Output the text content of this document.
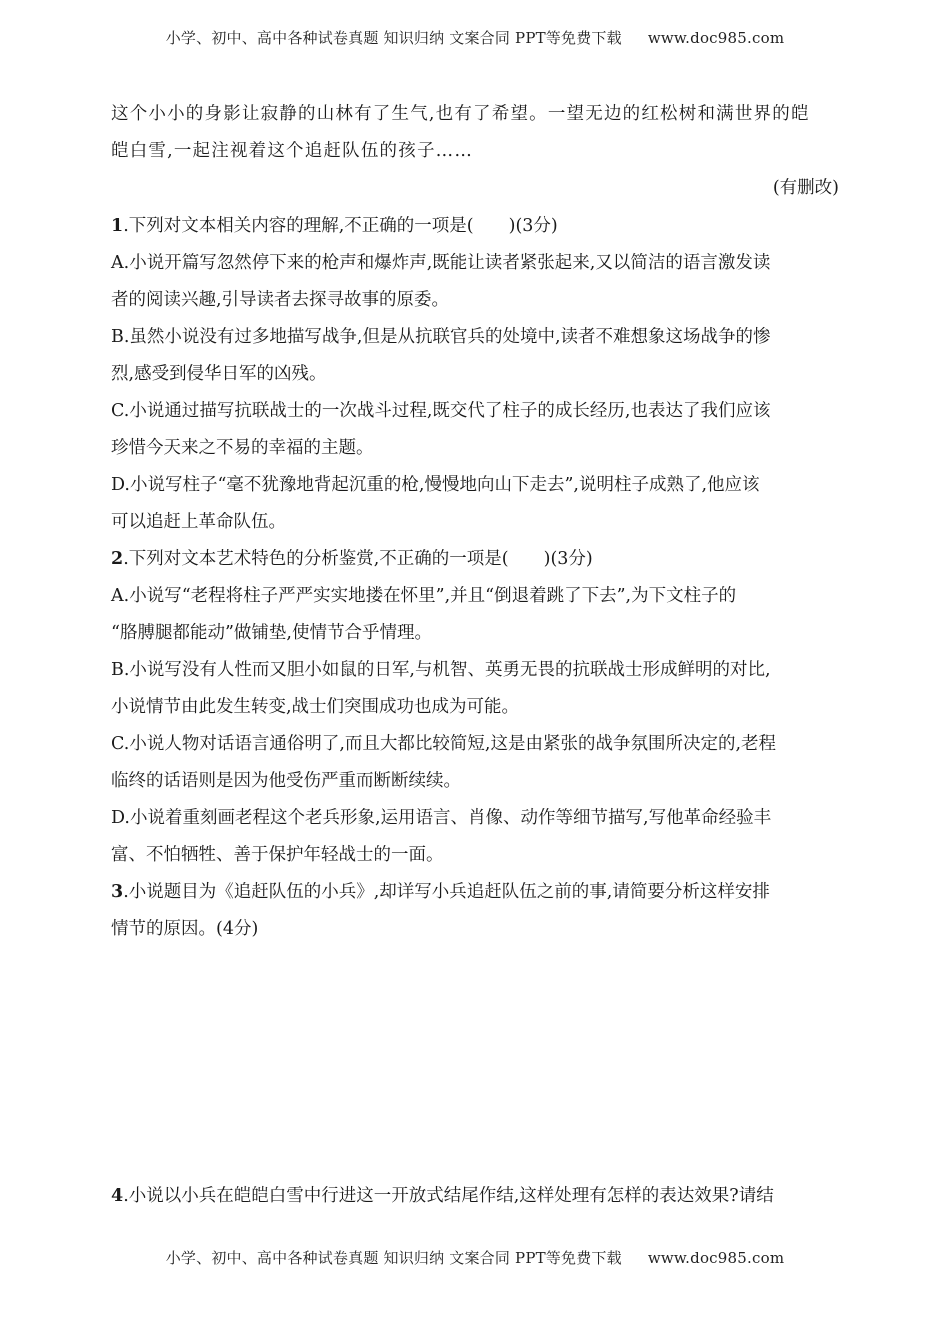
小学、初中、高中各种试卷真题 知识归纳 文案合同 PPT等免费下载 www.doc985.com

这个小小的身影让寂静的山林有了生气,也有了希望。一望无边的红松树和满世界的皑

皑白雪,一起注视着这个追赶队伍的孩子……

(有删改)

1.下列对文本相关内容的理解,不正确的一项是(　　)(3分)

A.小说开篇写忽然停下来的枪声和爆炸声,既能让读者紧张起来,又以简洁的语言激发读

者的阅读兴趣,引导读者去探寻故事的原委。

B.虽然小说没有过多地描写战争,但是从抗联官兵的处境中,读者不难想象这场战争的惨

烈,感受到侵华日军的凶残。

C.小说通过描写抗联战士的一次战斗过程,既交代了柱子的成长经历,也表达了我们应该

珍惜今天来之不易的幸福的主题。

D.小说写柱子“毫不犹豫地背起沉重的枪,慢慢地向山下走去”,说明柱子成熟了,他应该

可以追赶上革命队伍。

2.下列对文本艺术特色的分析鉴赏,不正确的一项是(　　)(3分)

A.小说写“老程将柱子严严实实地搂在怀里”,并且“倒退着跳了下去”,为下文柱子的

“胳膊腿都能动”做铺垫,使情节合乎情理。

B.小说写没有人性而又胆小如鼠的日军,与机智、英勇无畏的抗联战士形成鲜明的对比,

小说情节由此发生转变,战士们突围成功也成为可能。

C.小说人物对话语言通俗明了,而且大都比较简短,这是由紧张的战争氛围所决定的,老程

临终的话语则是因为他受伤严重而断断续续。

D.小说着重刻画老程这个老兵形象,运用语言、肖像、动作等细节描写,写他革命经验丰

富、不怕牺牲、善于保护年轻战士的一面。

3.小说题目为《追赶队伍的小兵》,却详写小兵追赶队伍之前的事,请简要分析这样安排

情节的原因。(4分)

4.小说以小兵在皑皑白雪中行进这一开放式结尾作结,这样处理有怎样的表达效果?请结

小学、初中、高中各种试卷真题 知识归纳 文案合同 PPT等免费下载 www.doc985.com
